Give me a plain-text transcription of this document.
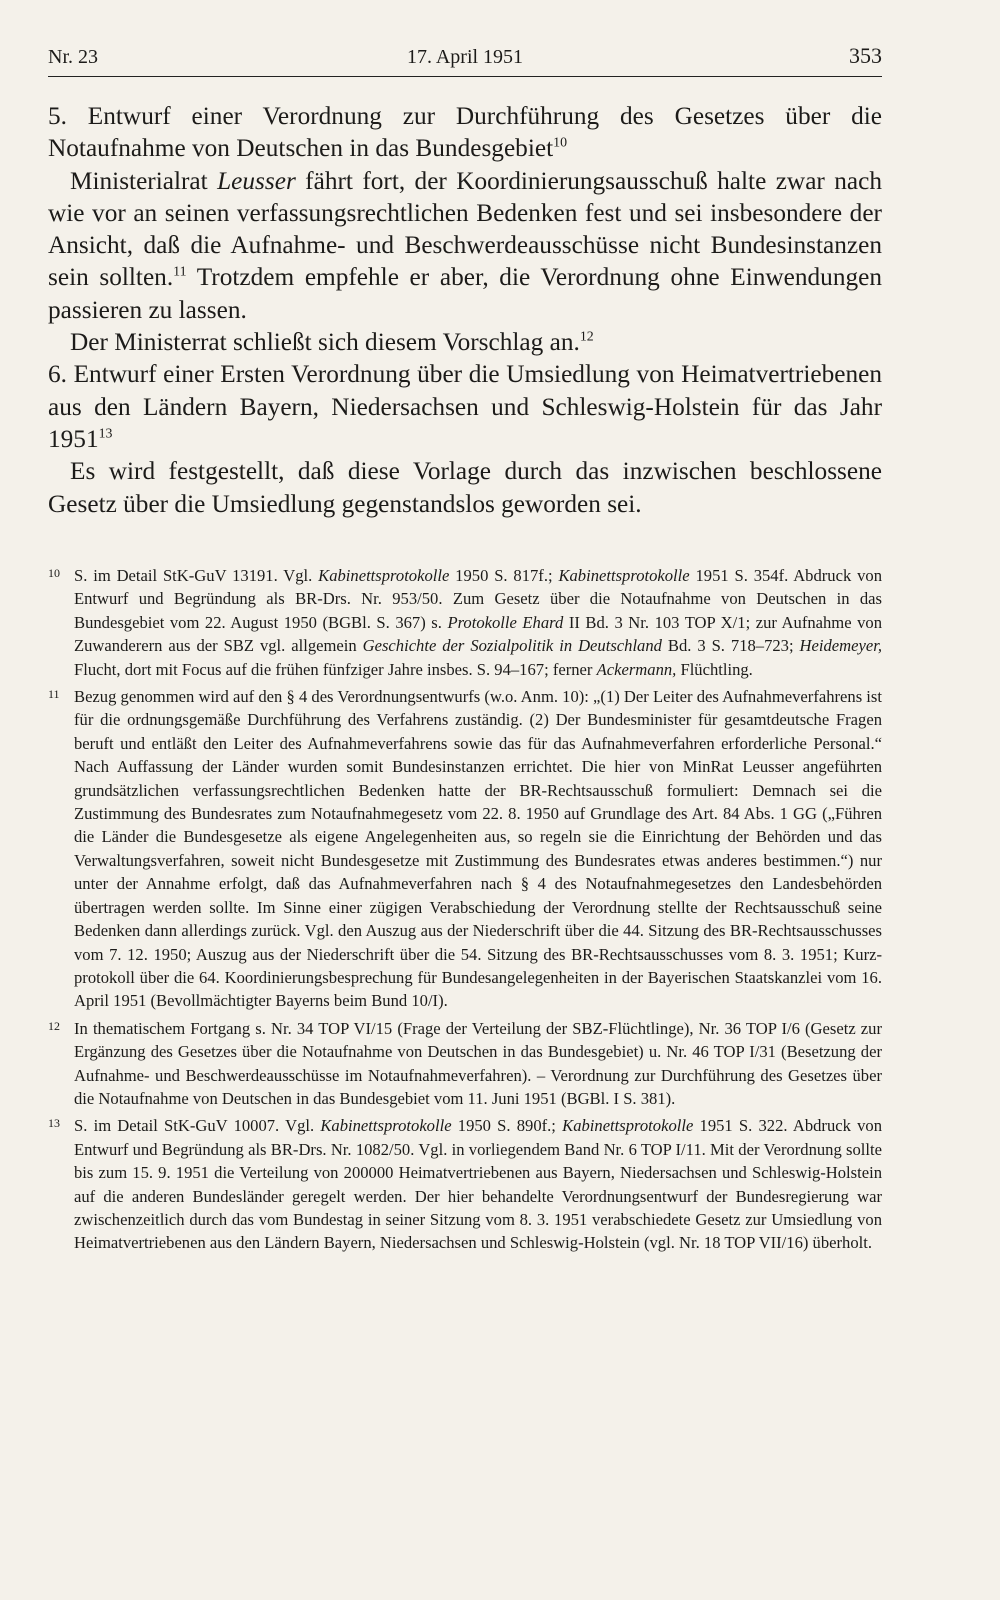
Nr. 23	17. April 1951	353

5. Entwurf einer Verordnung zur Durchführung des Gesetzes über die Notaufnahme von Deutschen in das Bundesgebiet$^{10}$

Ministerialrat Leusser fährt fort, der Koordinierungsausschuß halte zwar nach wie vor an seinen verfassungsrechtlichen Bedenken fest und sei insbesondere der Ansicht, daß die Aufnahme- und Beschwerdeausschüsse nicht Bundesinstanzen sein sollten.$^{11}$ Trotzdem empfehle er aber, die Verordnung ohne Einwendungen passieren zu lassen.

Der Ministerrat schließt sich diesem Vorschlag an.$^{12}$

6. Entwurf einer Ersten Verordnung über die Umsiedlung von Heimatvertriebenen aus den Ländern Bayern, Niedersachsen und Schleswig-Holstein für das Jahr 1951$^{13}$

Es wird festgestellt, daß diese Vorlage durch das inzwischen beschlossene Gesetz über die Umsiedlung gegenstandslos geworden sei.

10 S. im Detail StK-GuV 13191. Vgl. Kabinettsprotokolle 1950 S. 817f.; Kabinettsprotokolle 1951 S. 354f. Abdruck von Entwurf und Begründung als BR-Drs. Nr. 953/50. Zum Gesetz über die Notaufnahme von Deutschen in das Bundesgebiet vom 22. August 1950 (BGBl. S. 367) s. Protokolle Ehard II Bd. 3 Nr. 103 TOP X/1; zur Aufnahme von Zuwanderern aus der SBZ vgl. allgemein Geschichte der Sozialpolitik in Deutschland Bd. 3 S. 718–723; Heidemeyer, Flucht, dort mit Focus auf die frühen fünfziger Jahre insbes. S. 94–167; ferner Ackermann, Flüchtling.

11 Bezug genommen wird auf den § 4 des Verordnungsentwurfs (w.o. Anm. 10): „(1) Der Leiter des Aufnahmeverfahrens ist für die ordnungsgemäße Durchführung des Verfahrens zuständig. (2) Der Bundesminister für gesamtdeutsche Fragen beruft und entläßt den Leiter des Aufnahmeverfahrens sowie das für das Aufnahmeverfahren erforderliche Personal.“ Nach Auffassung der Länder wurden somit Bundesinstanzen errichtet. Die hier von MinRat Leusser angeführten grundsätzlichen verfassungsrechtlichen Bedenken hatte der BR-Rechtsausschuß formuliert: Demnach sei die Zustimmung des Bundesrates zum Notaufnahmegesetz vom 22. 8. 1950 auf Grundlage des Art. 84 Abs. 1 GG („Führen die Länder die Bundesgesetze als eigene Angelegenheiten aus, so regeln sie die Einrichtung der Behörden und das Verwaltungsverfahren, soweit nicht Bundesgesetze mit Zustimmung des Bundesrates etwas anderes bestimmen.“) nur unter der Annahme erfolgt, daß das Aufnahmeverfahren nach § 4 des Notaufnahmegesetzes den Landesbehörden übertragen werden sollte. Im Sinne einer zügigen Verabschiedung der Verordnung stellte der Rechtsausschuß seine Bedenken dann allerdings zurück. Vgl. den Auszug aus der Niederschrift über die 44. Sitzung des BR-Rechtsausschusses vom 7. 12. 1950; Auszug aus der Niederschrift über die 54. Sitzung des BR-Rechtsausschusses vom 8. 3. 1951; Kurzprotokoll über die 64. Koordinierungsbesprechung für Bundesangelegenheiten in der Bayerischen Staatskanzlei vom 16. April 1951 (Bevollmächtigter Bayerns beim Bund 10/I).

12 In thematischem Fortgang s. Nr. 34 TOP VI/15 (Frage der Verteilung der SBZ-Flüchtlinge), Nr. 36 TOP I/6 (Gesetz zur Ergänzung des Gesetzes über die Notaufnahme von Deutschen in das Bundesgebiet) u. Nr. 46 TOP I/31 (Besetzung der Aufnahme- und Beschwerdeausschüsse im Notaufnahmeverfahren). – Verordnung zur Durchführung des Gesetzes über die Notaufnahme von Deutschen in das Bundesgebiet vom 11. Juni 1951 (BGBl. I S. 381).

13 S. im Detail StK-GuV 10007. Vgl. Kabinettsprotokolle 1950 S. 890f.; Kabinettsprotokolle 1951 S. 322. Abdruck von Entwurf und Begründung als BR-Drs. Nr. 1082/50. Vgl. in vorliegendem Band Nr. 6 TOP I/11. Mit der Verordnung sollte bis zum 15. 9. 1951 die Verteilung von 200000 Heimatvertriebenen aus Bayern, Niedersachsen und Schleswig-Holstein auf die anderen Bundesländer geregelt werden. Der hier behandelte Verordnungsentwurf der Bundesregierung war zwischenzeitlich durch das vom Bundestag in seiner Sitzung vom 8. 3. 1951 verabschiedete Gesetz zur Umsiedlung von Heimatvertriebenen aus den Ländern Bayern, Niedersachsen und Schleswig-Holstein (vgl. Nr. 18 TOP VII/16) überholt.
